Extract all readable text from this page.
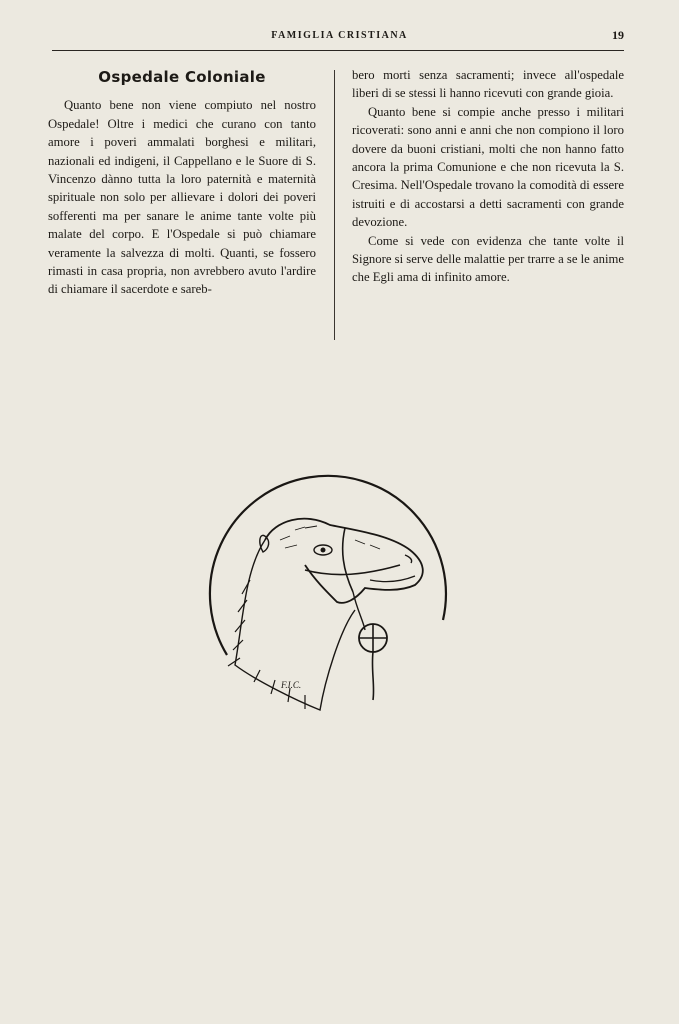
FAMIGLIA CRISTIANA	19
Ospedale Coloniale

Quanto bene non viene compiuto nel nostro Ospedale! Oltre i medici che curano con tanto amore i poveri ammalati borghesi e militari, nazionali ed indigeni, il Cappellano e le Suore di S. Vincenzo dànno tutta la loro paternità e maternità spirituale non solo per allievare i dolori dei poveri sofferenti ma per sanare le anime tante volte più malate del corpo. E l'Ospedale si può chiamare veramente la salvezza di molti. Quanti, se fossero rimasti in casa propria, non avrebbero avuto l'ardire di chiamare il sacerdote e sareb-

bero morti senza sacramenti; invece all'ospedale liberi di se stessi li hanno ricevuti con grande gioia.

Quanto bene si compie anche presso i militari ricoverati: sono anni e anni che non compiono il loro dovere da buoni cristiani, molti che non hanno fatto ancora la prima Comunione e che non ricevuta la S. Cresima. Nell'Ospedale trovano la comodità di essere istruiti e di accostarsi a detti sacramenti con grande devozione.

Come si vede con evidenza che tante volte il Signore si serve delle malattie per trarre a se le anime che Egli ama di infinito amore.

F.I.C.
